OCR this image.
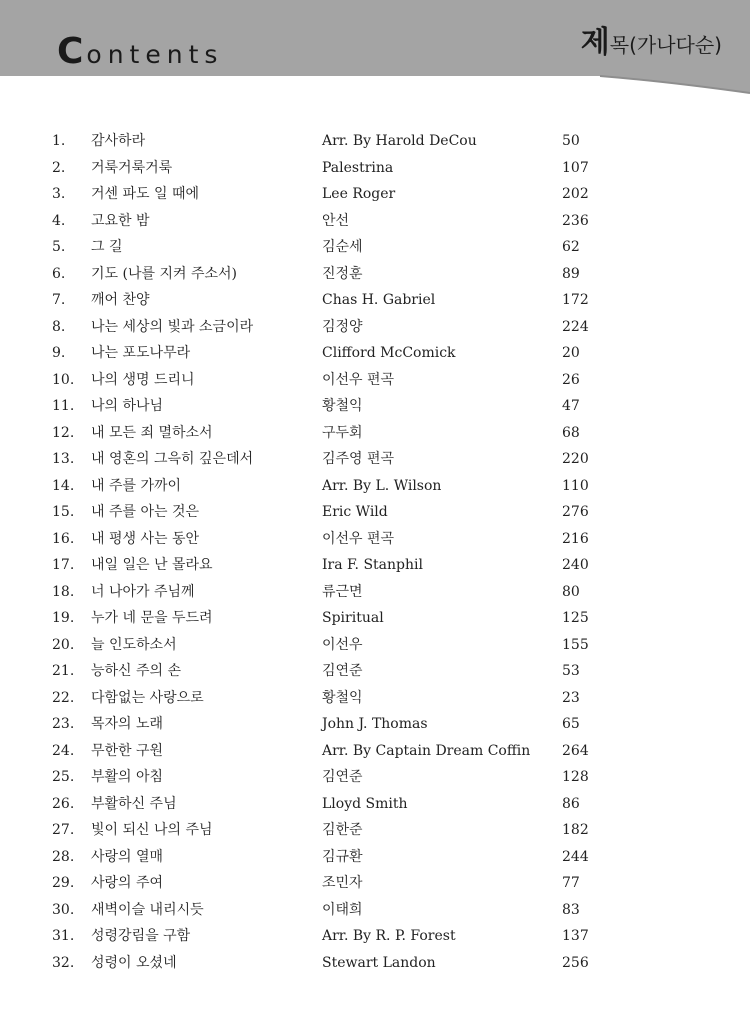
C ontents	제목(가나다순)
1. 감사하라	Arr. By Harold DeCou	50
2. 거룩거룩거룩	Palestrina	107
3. 거센 파도 일 때에	Lee Roger	202
4. 고요한 밤	안선	236
5. 그 길	김순세	62
6. 기도 (나를 지켜 주소서)	진정훈	89
7. 깨어 찬양	Chas H. Gabriel	172
8. 나는 세상의 빛과 소금이라	김정양	224
9. 나는 포도나무라	Clifford McComick	20
10. 나의 생명 드리니	이선우 편곡	26
11. 나의 하나님	황철익	47
12. 내 모든 죄 멸하소서	구두회	68
13. 내 영혼의 그윽히 깊은데서	김주영 편곡	220
14. 내 주를 가까이	Arr. By L. Wilson	110
15. 내 주를 아는 것은	Eric Wild	276
16. 내 평생 사는 동안	이선우 편곡	216
17. 내일 일은 난 몰라요	Ira F. Stanphil	240
18. 너 나아가 주님께	류근면	80
19. 누가 네 문을 두드려	Spiritual	125
20. 늘 인도하소서	이선우	155
21. 능하신 주의 손	김연준	53
22. 다함없는 사랑으로	황철익	23
23. 목자의 노래	John J. Thomas	65
24. 무한한 구원	Arr. By Captain Dream Coffin 264
25. 부활의 아침	김연준	128
26. 부활하신 주님	Lloyd Smith	86
27. 빛이 되신 나의 주님	김한준	182
28. 사랑의 열매	김규환	244
29. 사랑의 주여	조민자	77
30. 새벽이슬 내리시듯	이태희	83
31. 성령강림을 구함	Arr. By R. P. Forest	137
32. 성령이 오셨네	Stewart Landon	256
